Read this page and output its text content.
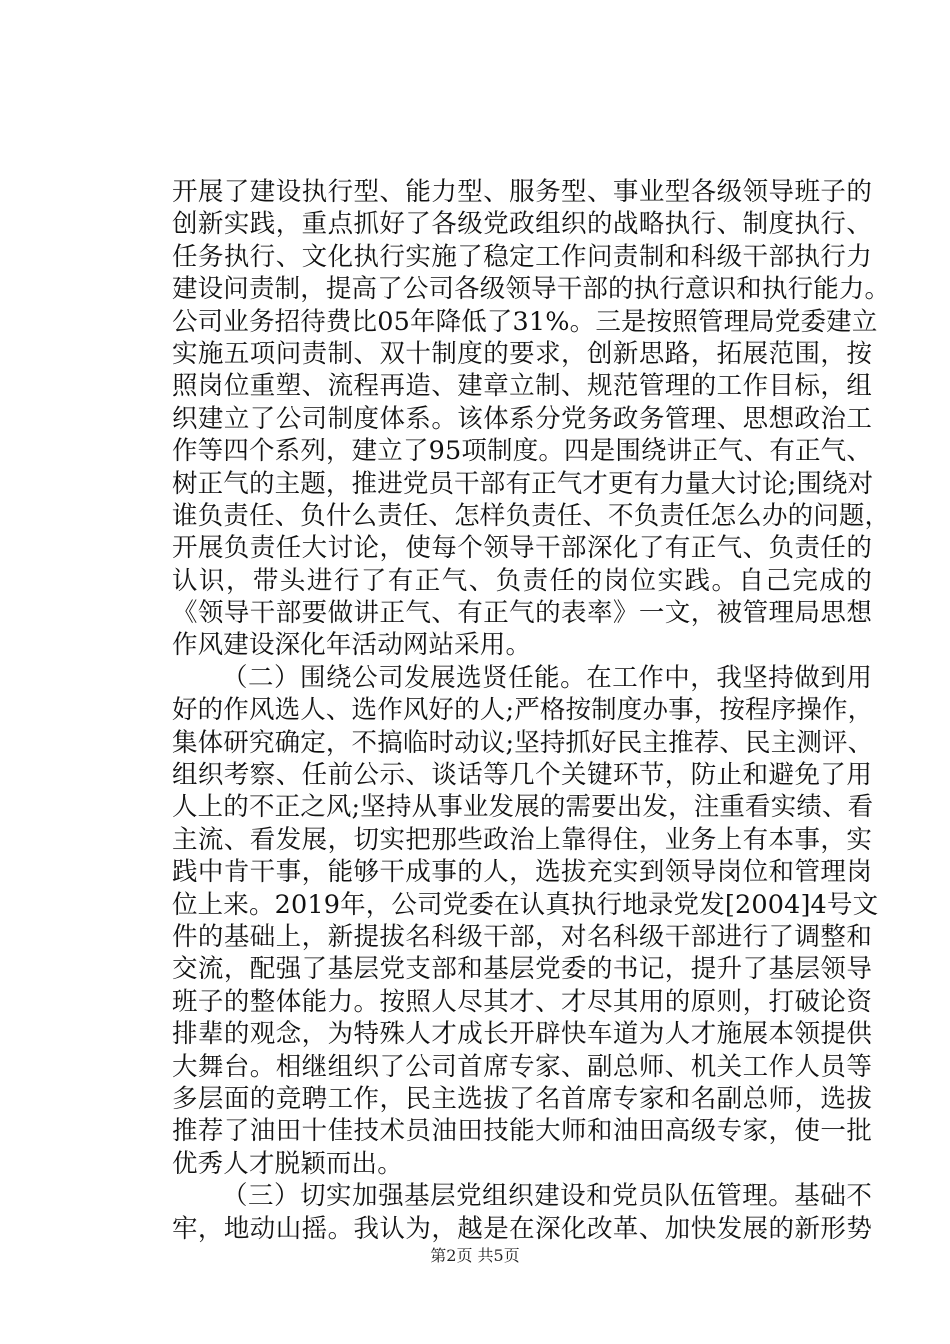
开展了建设执行型、能力型、服务型、事业型各级领导班子的
创新实践，重点抓好了各级党政组织的战略执行、制度执行、
任务执行、文化执行实施了稳定工作问责制和科级干部执行力
建设问责制，提高了公司各级领导干部的执行意识和执行能力。
公司业务招待费比05年降低了31%。三是按照管理局党委建立
实施五项问责制、双十制度的要求，创新思路，拓展范围，按
照岗位重塑、流程再造、建章立制、规范管理的工作目标，组
织建立了公司制度体系。该体系分党务政务管理、思想政治工
作等四个系列，建立了95项制度。四是围绕讲正气、有正气、
树正气的主题，推进党员干部有正气才更有力量大讨论;围绕对
谁负责任、负什么责任、怎样负责任、不负责任怎么办的问题，
开展负责任大讨论，使每个领导干部深化了有正气、负责任的
认识，带头进行了有正气、负责任的岗位实践。自己完成的
《领导干部要做讲正气、有正气的表率》一文，被管理局思想
作风建设深化年活动网站采用。
（二）围绕公司发展选贤任能。在工作中，我坚持做到用
好的作风选人、选作风好的人;严格按制度办事，按程序操作，
集体研究确定，不搞临时动议;坚持抓好民主推荐、民主测评、
组织考察、任前公示、谈话等几个关键环节，防止和避免了用
人上的不正之风;坚持从事业发展的需要出发，注重看实绩、看
主流、看发展，切实把那些政治上靠得住，业务上有本事，实
践中肯干事，能够干成事的人，选拔充实到领导岗位和管理岗
位上来。2019年，公司党委在认真执行地录党发[2004]4号文
件的基础上，新提拔名科级干部，对名科级干部进行了调整和
交流，配强了基层党支部和基层党委的书记，提升了基层领导
班子的整体能力。按照人尽其才、才尽其用的原则，打破论资
排辈的观念，为特殊人才成长开辟快车道为人才施展本领提供
大舞台。相继组织了公司首席专家、副总师、机关工作人员等
多层面的竞聘工作，民主选拔了名首席专家和名副总师，选拔
推荐了油田十佳技术员油田技能大师和油田高级专家，使一批
优秀人才脱颖而出。
（三）切实加强基层党组织建设和党员队伍管理。基础不
牢，地动山摇。我认为，越是在深化改革、加快发展的新形势
第2页 共5页
